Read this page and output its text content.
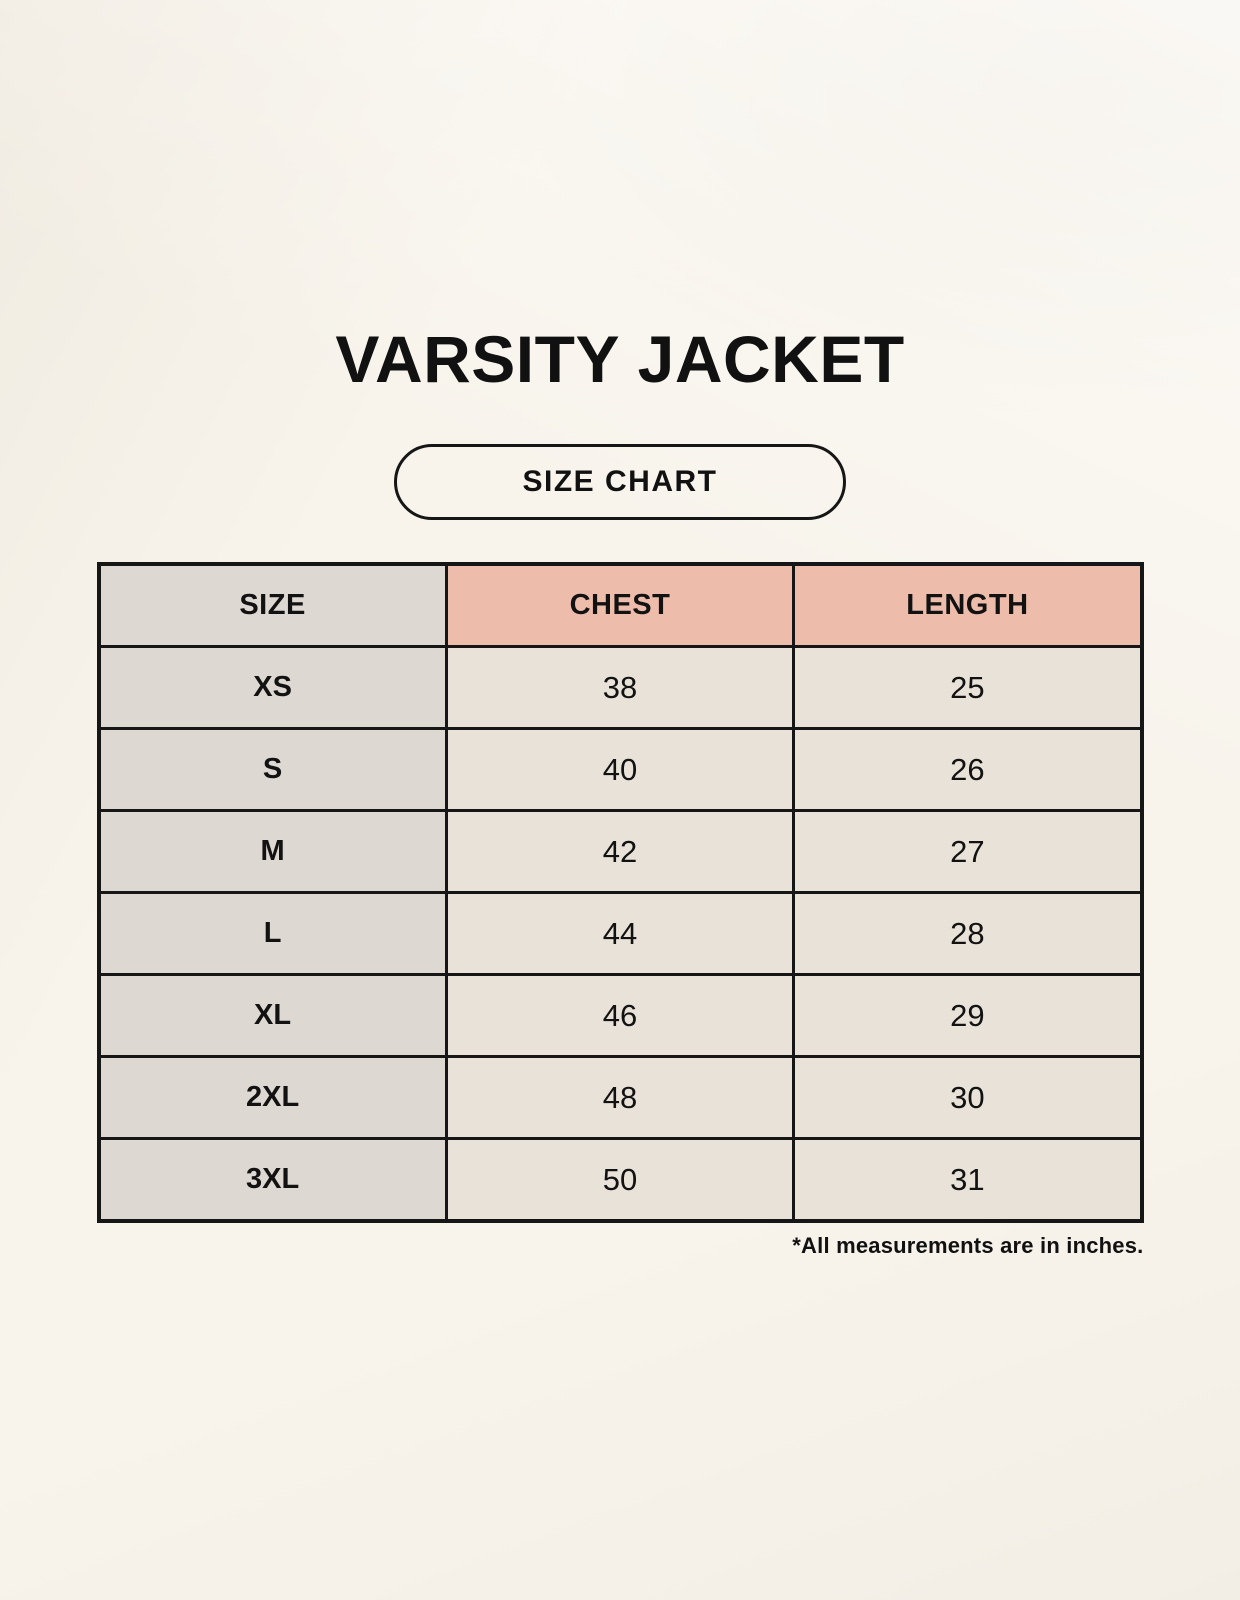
VARSITY JACKET
SIZE CHART
SIZE	CHEST	LENGTH
XS	38	25
S	40	26
M	42	27
L	44	28
XL	46	29
2XL	48	30
3XL	50	31
*All measurements are in inches.
